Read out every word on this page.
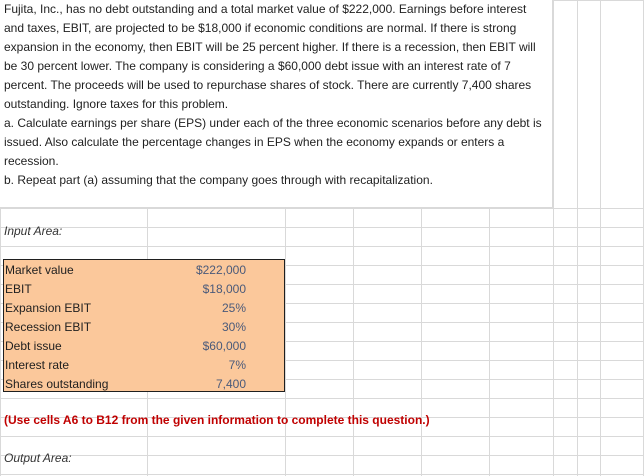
Fujita, Inc., has no debt outstanding and a total market value of $222,000. Earnings before interest

and taxes, EBIT, are projected to be $18,000 if economic conditions are normal. If there is strong

expansion in the economy, then EBIT will be 25 percent higher. If there is a recession, then EBIT will

be 30 percent lower. The company is considering a $60,000 debt issue with an interest rate of 7

percent. The proceeds will be used to repurchase shares of stock. There are currently 7,400 shares

outstanding. Ignore taxes for this problem.

a. Calculate earnings per share (EPS) under each of the three economic scenarios before any debt is

issued. Also calculate the percentage changes in EPS when the economy expands or enters a

recession.

b. Repeat part (a) assuming that the company goes through with recapitalization.

Input Area:
Market value	$222,000
EBIT	$18,000
Expansion EBIT	25%
Recession EBIT	30%
Debt issue	$60,000
Interest rate	7%
Shares outstanding	7,400
(Use cells A6 to B12 from the given information to complete this question.)
Output Area:
